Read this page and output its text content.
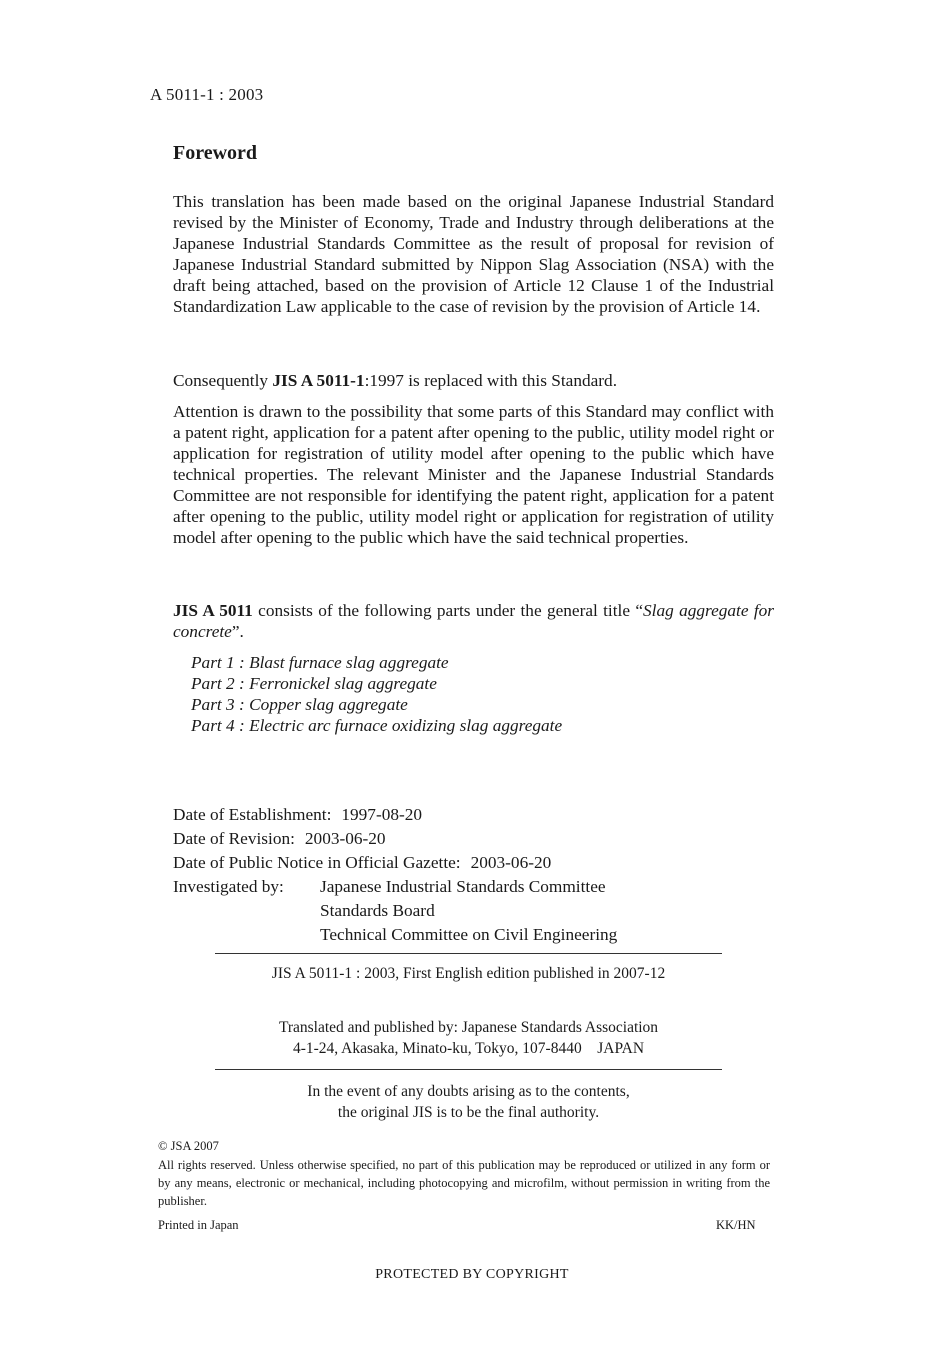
A 5011-1 : 2003
Foreword

This translation has been made based on the original Japanese Industrial Standard revised by the Minister of Economy, Trade and Industry through deliberations at the Japanese Industrial Standards Committee as the result of proposal for revision of Japanese Industrial Standard submitted by Nippon Slag Association (NSA) with the draft being attached, based on the provision of Article 12 Clause 1 of the Industrial Standardization Law applicable to the case of revision by the provision of Article 14.

Consequently JIS A 5011-1:1997 is replaced with this Standard.

Attention is drawn to the possibility that some parts of this Standard may conflict with a patent right, application for a patent after opening to the public, utility model right or application for registration of utility model after opening to the public which have technical properties. The relevant Minister and the Japanese Industrial Standards Committee are not responsible for identifying the patent right, application for a patent after opening to the public, utility model right or application for registration of utility model after opening to the public which have the said technical properties.

JIS A 5011 consists of the following parts under the general title “Slag aggregate for concrete”.

Part 1 : Blast furnace slag aggregate
Part 2 : Ferronickel slag aggregate
Part 3 : Copper slag aggregate
Part 4 : Electric arc furnace oxidizing slag aggregate
Date of Establishment: 1997-08-20
Date of Revision: 2003-06-20
Date of Public Notice in Official Gazette: 2003-06-20
Investigated by: Japanese Industrial Standards Committee
Standards Board
Technical Committee on Civil Engineering
JIS A 5011-1 : 2003, First English edition published in 2007-12
Translated and published by: Japanese Standards Association
4-1-24, Akasaka, Minato-ku, Tokyo, 107-8440 JAPAN
In the event of any doubts arising as to the contents,
the original JIS is to be the final authority.
© JSA 2007
All rights reserved. Unless otherwise specified, no part of this publication may be reproduced or utilized in any form or by any means, electronic or mechanical, including photocopying and microfilm, without permission in writing from the publisher.
Printed in Japan	KK/HN
PROTECTED BY COPYRIGHT
